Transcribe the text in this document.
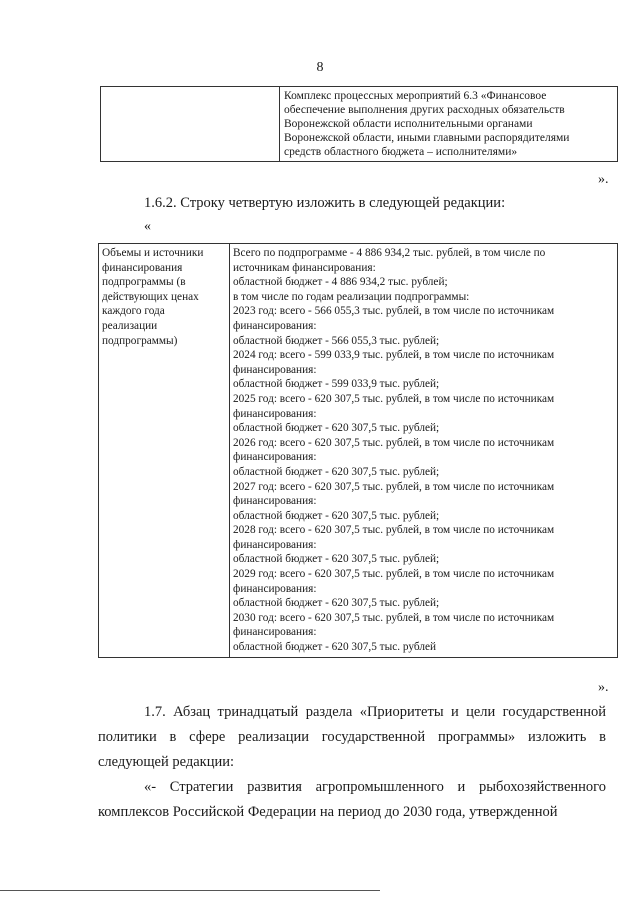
8

Комплекс процессных мероприятий 6.3 «Финансовое
обеспечение выполнения других расходных обязательств
Воронежской области исполнительными органами
Воронежской области, иными главными распорядителями
средств областного бюджета – исполнителями»
».
1.6.2. Строку четвертую изложить в следующей редакции:
«
Объемы и источники
финансирования
подпрограммы (в
действующих ценах
каждого года
реализации
подпрограммы)

Всего по подпрограмме - 4 886 934,2 тыс. рублей, в том числе по
источникам финансирования:
областной бюджет - 4 886 934,2 тыс. рублей;
в том числе по годам реализации подпрограммы:
2023 год: всего - 566 055,3 тыс. рублей, в том числе по источникам
финансирования:
областной бюджет - 566 055,3 тыс. рублей;
2024 год: всего - 599 033,9 тыс. рублей, в том числе по источникам
финансирования:
областной бюджет - 599 033,9 тыс. рублей;
2025 год: всего - 620 307,5 тыс. рублей, в том числе по источникам
финансирования:
областной бюджет - 620 307,5 тыс. рублей;
2026 год: всего - 620 307,5 тыс. рублей, в том числе по источникам
финансирования:
областной бюджет - 620 307,5 тыс. рублей;
2027 год: всего - 620 307,5 тыс. рублей, в том числе по источникам
финансирования:
областной бюджет - 620 307,5 тыс. рублей;
2028 год: всего - 620 307,5 тыс. рублей, в том числе по источникам
финансирования:
областной бюджет - 620 307,5 тыс. рублей;
2029 год: всего - 620 307,5 тыс. рублей, в том числе по источникам
финансирования:
областной бюджет - 620 307,5 тыс. рублей;
2030 год: всего - 620 307,5 тыс. рублей, в том числе по источникам
финансирования:
областной бюджет - 620 307,5 тыс. рублей
».
1.7. Абзац тринадцатый раздела «Приоритеты и цели государственной политики в сфере реализации государственной программы» изложить в следующей редакции:
«- Стратегии развития агропромышленного и рыбохозяйственного комплексов Российской Федерации на период до 2030 года, утвержденной
